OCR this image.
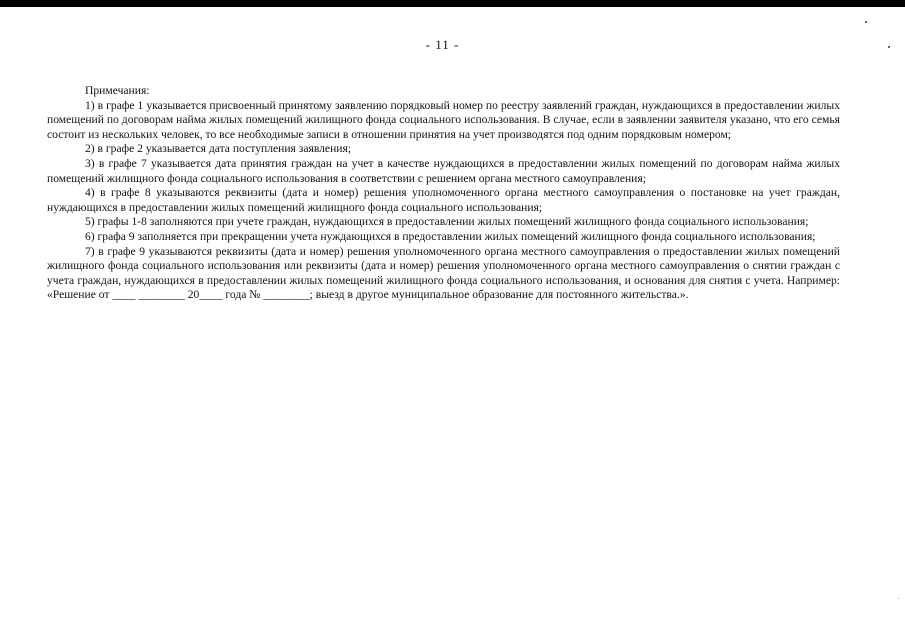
- 11 -

Примечания:

1) в графе 1 указывается присвоенный принятому заявлению порядковый номер по реестру заявлений граждан, нуждающихся в предоставлении жилых помещений по договорам найма жилых помещений жилищного фонда социального использования. В случае, если в заявлении заявителя указано, что его семья состоит из нескольких человек, то все необходимые записи в отношении принятия на учет производятся под одним порядковым номером;

2) в графе 2 указывается дата поступления заявления;

3) в графе 7 указывается дата принятия граждан на учет в качестве нуждающихся в предоставлении жилых помещений по договорам найма жилых помещений жилищного фонда социального использования в соответствии с решением органа местного самоуправления;

4) в графе 8 указываются реквизиты (дата и номер) решения уполномоченного органа местного самоуправления о постановке на учет граждан, нуждающихся в предоставлении жилых помещений жилищного фонда социального использования;

5) графы 1-8 заполняются при учете граждан, нуждающихся в предоставлении жилых помещений жилищного фонда социального использования;

6) графа 9 заполняется при прекращении учета нуждающихся в предоставлении жилых помещений жилищного фонда социального использования;

7) в графе 9 указываются реквизиты (дата и номер) решения уполномоченного органа местного самоуправления о предоставлении жилых помещений жилищного фонда социального использования или реквизиты (дата и номер) решения уполномоченного органа местного самоуправления о снятии граждан с учета граждан, нуждающихся в предоставлении жилых помещений жилищного фонда социального использования, и основания для снятия с учета. Например: «Решение от ____ ________ 20____ года № ________; выезд в другое муниципальное образование для постоянного жительства.».
